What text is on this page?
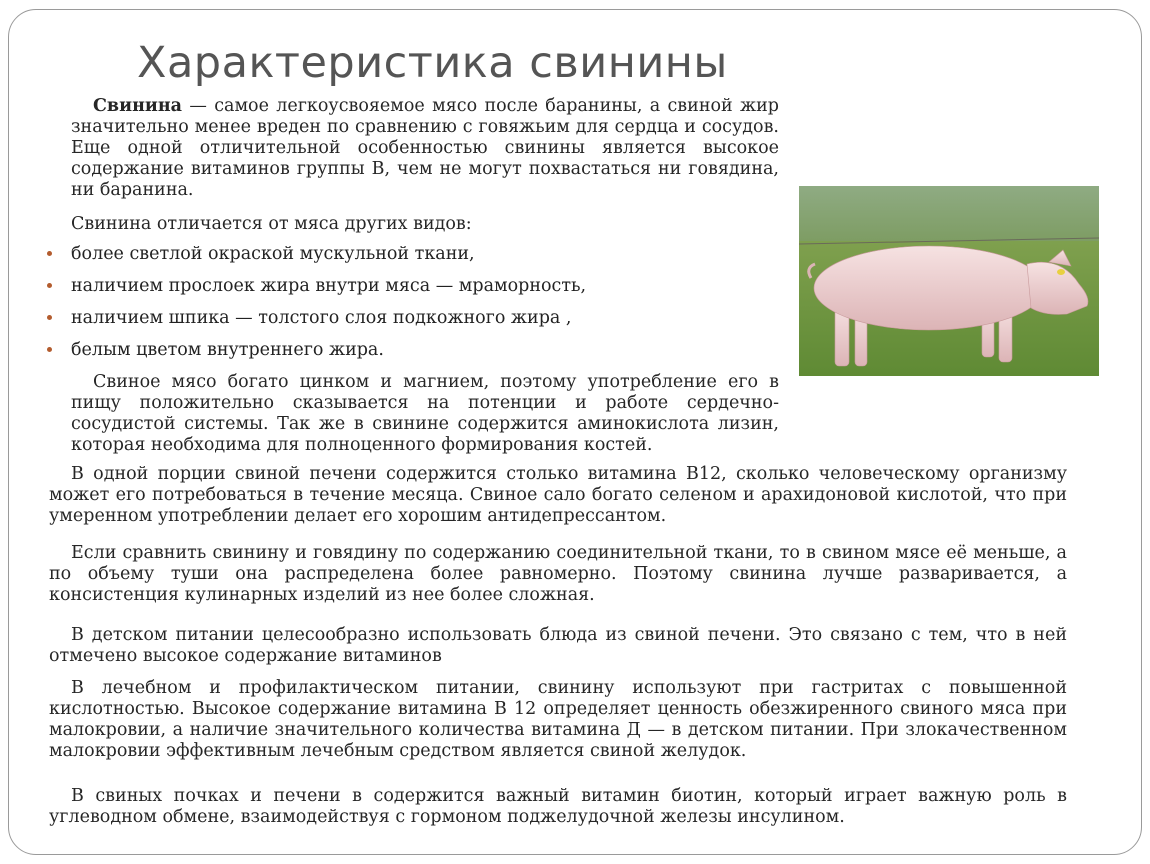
Характеристика свинины
Свинина — самое легкоусвояемое мясо после баранины, а свиной жир значительно менее вреден по сравнению с говяжьим для сердца и сосудов. Еще одной отличительной особенностью свинины является высокое содержание витаминов группы В, чем не могут похвастаться ни говядина, ни баранина.
Свинина отличается от мяса других видов:
более светлой окраской мускульной ткани,
наличием прослоек жира внутри мяса — мраморность,
наличием шпика — толстого слоя подкожного жира ,
белым цветом внутреннего жира.
Свиное мясо богато цинком и магнием, поэтому употребление его в пищу положительно сказывается на потенции и работе сердечно-сосудистой системы. Так же в свинине содержится аминокислота лизин, которая необходима для полноценного формирования костей.
В одной порции свиной печени содержится столько витамина В12, сколько человеческому организму может его потребоваться в течение месяца. Свиное сало богато селеном и арахидоновой кислотой, что при умеренном употреблении делает его хорошим антидепрессантом.
Если сравнить свинину и говядину по содержанию соединительной ткани, то в свином мясе её меньше, а по объему туши она распределена более равномерно. Поэтому свинина лучше разваривается, а консистенция кулинарных изделий из нее более сложная.
В детском питании целесообразно использовать блюда из свиной печени. Это связано с тем, что в ней отмечено высокое содержание витаминов
В лечебном и профилактическом питании, свинину используют при гастритах с повышенной кислотностью. Высокое содержание витамина В 12 определяет ценность обезжиренного свиного мяса при малокровии, а наличие значительного количества витамина Д — в детском питании. При злокачественном малокровии эффективным лечебным средством является свиной желудок.
В свиных почках и печени в содержится важный витамин биотин, который играет важную роль в углеводном обмене, взаимодействуя с гормоном поджелудочной железы инсулином.
